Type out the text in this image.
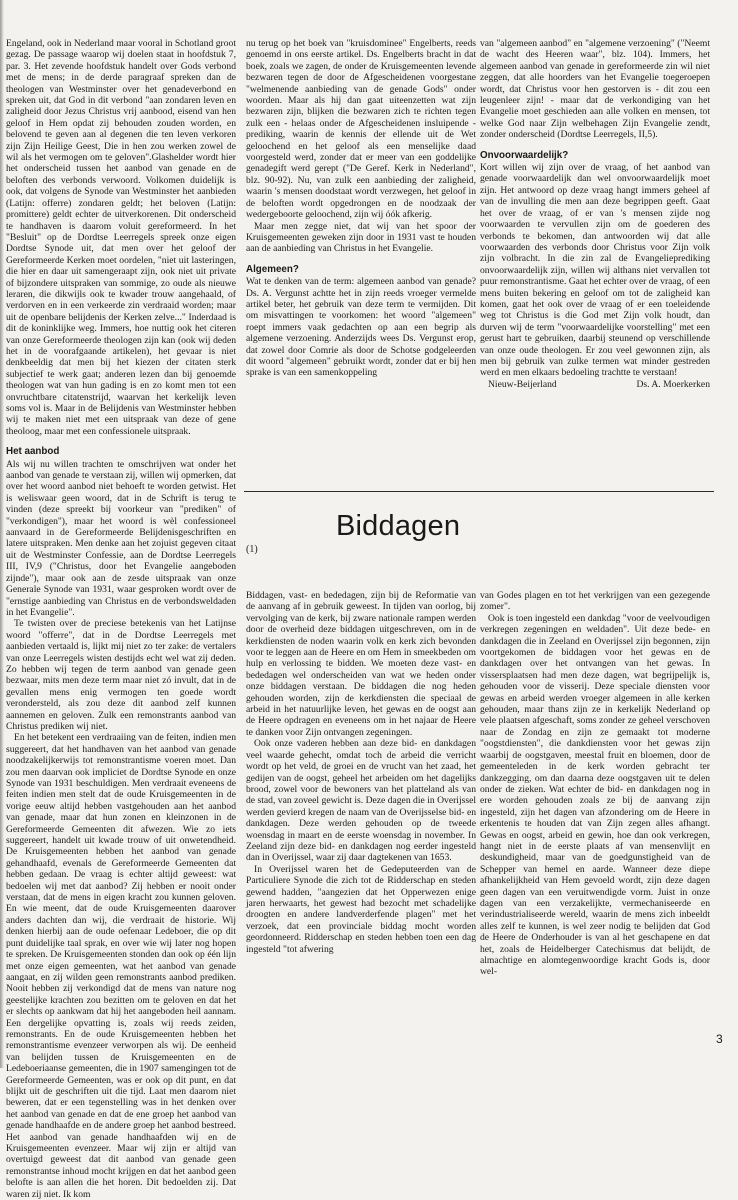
Engeland, ook in Nederland maar vooral in Schotland groot gezag. De passage waarop wij doelen staat in hoofdstuk 7, par. 3. Het zevende hoofdstuk handelt over Gods verbond met de mens; in de derde paragraaf spreken dan de theologen van Westminster over het genadeverbond en spreken uit, dat God in dit verbond "aan zondaren leven en zaligheid door Jezus Christus vrij aanbood, eisend van hen geloof in Hem opdat zij behouden zouden worden, en belovend te geven aan al degenen die ten leven verkoren zijn Zijn Heilige Geest, Die in hen zou werken zowel de wil als het vermogen om te geloven".Glashelder wordt hier het onderscheid tussen het aanbod van genade en de beloften des verbonds verwoord. Volkomen duidelijk is ook, dat volgens de Synode van Westminster het aanbieden (Latijn: offerre) zondaren geldt; het beloven (Latijn: promittere) geldt echter de uitverkorenen. Dit onderscheid te handhaven is daarom voluit gereformeerd. In het "Besluit" op de Dordtse Leerregels spreek onze eigen Dordtse Synode uit, dat men over het geloof der Gereformeerde Kerken moet oordelen, "niet uit lasteringen, die hier en daar uit samengeraapt zijn, ook niet uit private of bijzondere uitspraken van sommige, zo oude als nieuwe leraren, die dikwijls ook te kwader trouw aangehaald, of verdorven en in een verkeerde zin verdraaid worden; maar uit de openbare belijdenis der Kerken zelve..." Inderdaad is dit de koninklijke weg. Immers, hoe nuttig ook het citeren van onze Gereformeerde theologen zijn kan (ook wij deden het in de voorafgaande artikelen), het gevaar is niet denkbeeldig dat men bij het kiezen der citaten sterk subjectief te werk gaat; anderen lezen dan bij genoemde theologen wat van hun gading is en zo komt men tot een onvruchtbare citatenstrijd, waarvan het kerkelijk leven soms vol is. Maar in de Belijdenis van Westminster hebben wij te maken niet met een uitspraak van deze of gene theoloog, maar met een confessionele uitspraak.

Het aanbod

Als wij nu willen trachten te omschrijven wat onder het aanbod van genade te verstaan zij, willen wij opmerken, dat over het woord aanbod niet behoeft te worden getwist. Het is weliswaar geen woord, dat in de Schrift is terug te vinden (deze spreekt bij voorkeur van "prediken" of "verkondigen"), maar het woord is wèl confessioneel aanvaard in de Gereformeerde Belijdenisgeschriften en latere uitspraken. Men denke aan het zojuist gegeven citaat uit de Westminster Confessie, aan de Dordtse Leerregels III, IV,9 ("Christus, door het Evangelie aangeboden zijnde"), maar ook aan de zesde uitspraak van onze Generale Synode van 1931, waar gesproken wordt over de "ernstige aanbieding van Christus en de verbondsweldaden in het Evangelie".

Te twisten over de preciese betekenis van het Latijnse woord "offerre", dat in de Dordtse Leerregels met aanbieden vertaald is, lijkt mij niet zo ter zake: de vertalers van onze Leerregels wisten destijds echt wel wat zij deden. Zo hebben wij tegen de term aanbod van genade geen bezwaar, mits men deze term maar niet zó invult, dat in de gevallen mens enig vermogen ten goede wordt verondersteld, als zou deze dit aanbod zelf kunnen aannemen en geloven. Zulk een remonstrants aanbod van Christus prediken wij niet.

En het betekent een verdraaiing van de feiten, indien men suggereert, dat het handhaven van het aanbod van genade noodzakelijkerwijs tot remonstrantisme voeren moet. Dan zou men daarvan ook impliciet de Dordtse Synode en onze Synode van 1931 beschuldigen. Men verdraait eveneens de feiten indien men stelt dat de oude Kruisgemeenten in de vorige eeuw altijd hebben vastgehouden aan het aanbod van genade, maar dat hun zonen en kleinzonen in de Gereformeerde Gemeenten dit afwezen. Wie zo iets suggereert, handelt uit kwade trouw of uit onwetendheid. De Kruisgemeenten hebben het aanbod van genade gehandhaafd, evenals de Gereformeerde Gemeenten dat hebben gedaan. De vraag is echter altijd geweest: wat bedoelen wij met dat aanbod? Zij hebben er nooit onder verstaan, dat de mens in eigen kracht zou kunnen geloven. En wie meent, dat de oude Kruisgemeenten daarover anders dachten dan wij, die verdraait de historie. Wij denken hierbij aan de oude oefenaar Ledeboer, die op dit punt duidelijke taal sprak, en over wie wij later nog hopen te spreken. De Kruisgemeenten stonden dan ook op één lijn met onze eigen gemeenten, wat het aanbod van genade aangaat, en zij wilden geen remonstrants aanbod prediken. Nooit hebben zij verkondigd dat de mens van nature nog geestelijke krachten zou bezitten om te geloven en dat het er slechts op aankwam dat hij het aangeboden heil aannam. Een dergelijke opvatting is, zoals wij reeds zeiden, remonstrants. En de oude Kruisgemeenten hebben het remonstrantisme evenzeer verworpen als wij. De eenheid van belijden tussen de Kruisgemeenten en de Ledeboeriaanse gemeenten, die in 1907 samengingen tot de Gereformeerde Gemeenten, was er ook op dit punt, en dat blijkt uit de geschriften uit die tijd. Laat men daarom niet beweren, dat er een tegenstelling was in het denken over het aanbod van genade en dat de ene groep het aanbod van genade handhaafde en de andere groep het aanbod bestreed. Het aanbod van genade handhaafden wij en de Kruisgemeenten evenzeer. Maar wij zijn er altijd van overtuigd geweest dat dit aanbod van genade geen remonstrantse inhoud mocht krijgen en dat het aanbod geen belofte is aan allen die het horen. Dit bedoelden zij. Dat waren zij niet. Ik kom

nu terug op het boek van "kruisdominee" Engelberts, reeds genoemd in ons eerste artikel. Ds. Engelberts bracht in dat boek, zoals we zagen, de onder de Kruisgemeenten levende bezwaren tegen de door de Afgescheidenen voorgestane "welmenende aanbieding van de genade Gods" onder woorden. Maar als hij dan gaat uiteenzetten wat zijn bezwaren zijn, blijken die bezwaren zich te richten tegen zulk een - helaas onder de Afgescheidenen insluipende - prediking, waarin de kennis der ellende uit de Wet geloochend en het geloof als een menselijke daad voorgesteld werd, zonder dat er meer van een goddelijke genadegift werd gerept ("De Geref. Kerk in Nederland", blz. 90-92). Nu, van zulk een aanbieding der zaligheid, waarin 's mensen doodstaat wordt verzwegen, het geloof in de beloften wordt opgedrongen en de noodzaak der wedergeboorte geloochend, zijn wij óók afkerig.

Maar men zegge niet, dat wij van het spoor der Kruisgemeenten geweken zijn door in 1931 vast te houden aan de aanbieding van Christus in het Evangelie.

Algemeen?

Wat te denken van de term: algemeen aanbod van genade? Ds. A. Vergunst achtte het in zijn reeds vroeger vermelde artikel beter, het gebruik van deze term te vermijden. Dit om misvattingen te voorkomen: het woord "algemeen" roept immers vaak gedachten op aan een begrip als algemene verzoening. Anderzijds wees Ds. Vergunst erop, dat zowel door Comrie als door de Schotse godgeleerden dit woord "algemeen" gebruikt wordt, zonder dat er bij hen sprake is van een samenkoppeling

van "algemeen aanbod" en "algemene verzoening" ("Neemt de wacht des Heeren waar", blz. 104). Immers, het algemeen aanbod van genade in gereformeerde zin wil niet zeggen, dat alle hoorders van het Evangelie toegeroepen wordt, dat Christus voor hen gestorven is - dit zou een leugenleer zijn! - maar dat de verkondiging van het Evangelie moet geschieden aan alle volken en mensen, tot welke God naar Zijn welbehagen Zijn Evangelie zendt, zonder onderscheid (Dordtse Leerregels, II,5).

Onvoorwaardelijk?

Kort willen wij zijn over de vraag, of het aanbod van genade voorwaardelijk dan wel onvoorwaardelijk moet zijn. Het antwoord op deze vraag hangt immers geheel af van de invulling die men aan deze begrippen geeft. Gaat het over de vraag, of er van 's mensen zijde nog voorwaarden te vervullen zijn om de goederen des verbonds te bekomen, dan antwoorden wij dat alle voorwaarden des verbonds door Christus voor Zijn volk zijn volbracht. In die zin zal de Evangelieprediking onvoorwaardelijk zijn, willen wij althans niet vervallen tot puur remonstrantisme. Gaat het echter over de vraag, of een mens buiten bekering en geloof om tot de zaligheid kan komen, gaat het ook over de vraag of er een toeleidende weg tot Christus is die God met Zijn volk houdt, dan durven wij de term "voorwaardelijke voorstelling" met een gerust hart te gebruiken, daarbij steunend op verschillende van onze oude theologen. Er zou veel gewonnen zijn, als men bij gebruik van zulke termen wat minder gestreden werd en men elkaars bedoeling trachtte te verstaan!

Nieuw-Beijerland	Ds. A. Moerkerken

Biddagen
(1)

Biddagen, vast- en bededagen, zijn bij de Reformatie van de aanvang af in gebruik geweest. In tijden van oorlog, bij vervolging van de kerk, bij zware nationale rampen werden door de overheid deze biddagen uitgeschreven, om in de kerkdiensten de noden waarin volk en kerk zich bevonden voor te leggen aan de Heere en om Hem in smeekbeden om hulp en verlossing te bidden. We moeten deze vast- en bededagen wel onderscheiden van wat we heden onder onze biddagen verstaan. De biddagen die nog heden gehouden worden, zijn de kerkdiensten die speciaal de arbeid in het natuurlijke leven, het gewas en de oogst aan de Heere opdragen en eveneens om in het najaar de Heere te danken voor Zijn ontvangen zegeningen.

Ook onze vaderen hebben aan deze bid- en dankdagen veel waarde gehecht, omdat toch de arbeid die verricht wordt op het veld, de groei en de vrucht van het zaad, het gedijen van de oogst, geheel het arbeiden om het dagelijks brood, zowel voor de bewoners van het platteland als van de stad, van zoveel gewicht is. Deze dagen die in Overijssel werden gevierd kregen de naam van de Overijsselse bid- en dankdagen. Deze werden gehouden op de tweede woensdag in maart en de eerste woensdag in november. In Zeeland zijn deze bid- en dankdagen nog eerder ingesteld dan in Overijssel, waar zij daar dagtekenen van 1653.

In Overijssel waren het de Gedeputeerden van de Particuliere Synode die zich tot de Ridderschap en steden gewend hadden, "aangezien dat het Opperwezen enige jaren herwaarts, het gewest had bezocht met schadelijke droogten en andere landverderfende plagen" met het verzoek, dat een provinciale biddag mocht worden geordonneerd. Ridderschap en steden hebben toen een dag ingesteld "tot afwering

van Godes plagen en tot het verkrijgen van een gezegende zomer".

Ook is toen ingesteld een dankdag "voor de veelvoudigen verkregen zegeningen en weldaden". Uit deze bede- en dankdagen die in Zeeland en Overijssel zijn begonnen, zijn voortgekomen de biddagen voor het gewas en de dankdagen over het ontvangen van het gewas. In vissersplaatsen had men deze dagen, wat begrijpelijk is, gehouden voor de visserij. Deze speciale diensten voor gewas en arbeid werden vroeger algemeen in alle kerken gehouden, maar thans zijn ze in kerkelijk Nederland op vele plaatsen afgeschaft, soms zonder ze geheel verschoven naar de Zondag en zijn ze gemaakt tot moderne "oogstdiensten", die dankdiensten voor het gewas zijn waarbij de oogstgaven, meestal fruit en bloemen, door de gemeenteleden in de kerk worden gebracht ter dankzegging, om dan daarna deze oogstgaven uit te delen onder de zieken. Wat echter de bid- en dankdagen nog in ere worden gehouden zoals ze bij de aanvang zijn ingesteld, zijn het dagen van afzondering om de Heere in erkentenis te houden dat van Zijn zegen alles afhangt. Gewas en oogst, arbeid en gewin, hoe dan ook verkregen, hangt niet in de eerste plaats af van mensenvlijt en deskundigheid, maar van de goedgunstigheid van de Schepper van hemel en aarde. Wanneer deze diepe afhankelijkheid van Hem gevoeld wordt, zijn deze dagen geen dagen van een veruitwendigde vorm. Juist in onze dagen van een verzakelijkte, vermechaniseerde en verindustrialiseerde wereld, waarin de mens zich inbeeldt alles zelf te kunnen, is wel zeer nodig te belijden dat God de Heere de Onderhouder is van al het geschapene en dat het, zoals de Heidelberger Catechismus dat belijdt, de almachtige en alomtegenwoordige kracht Gods is, door wel-

3
